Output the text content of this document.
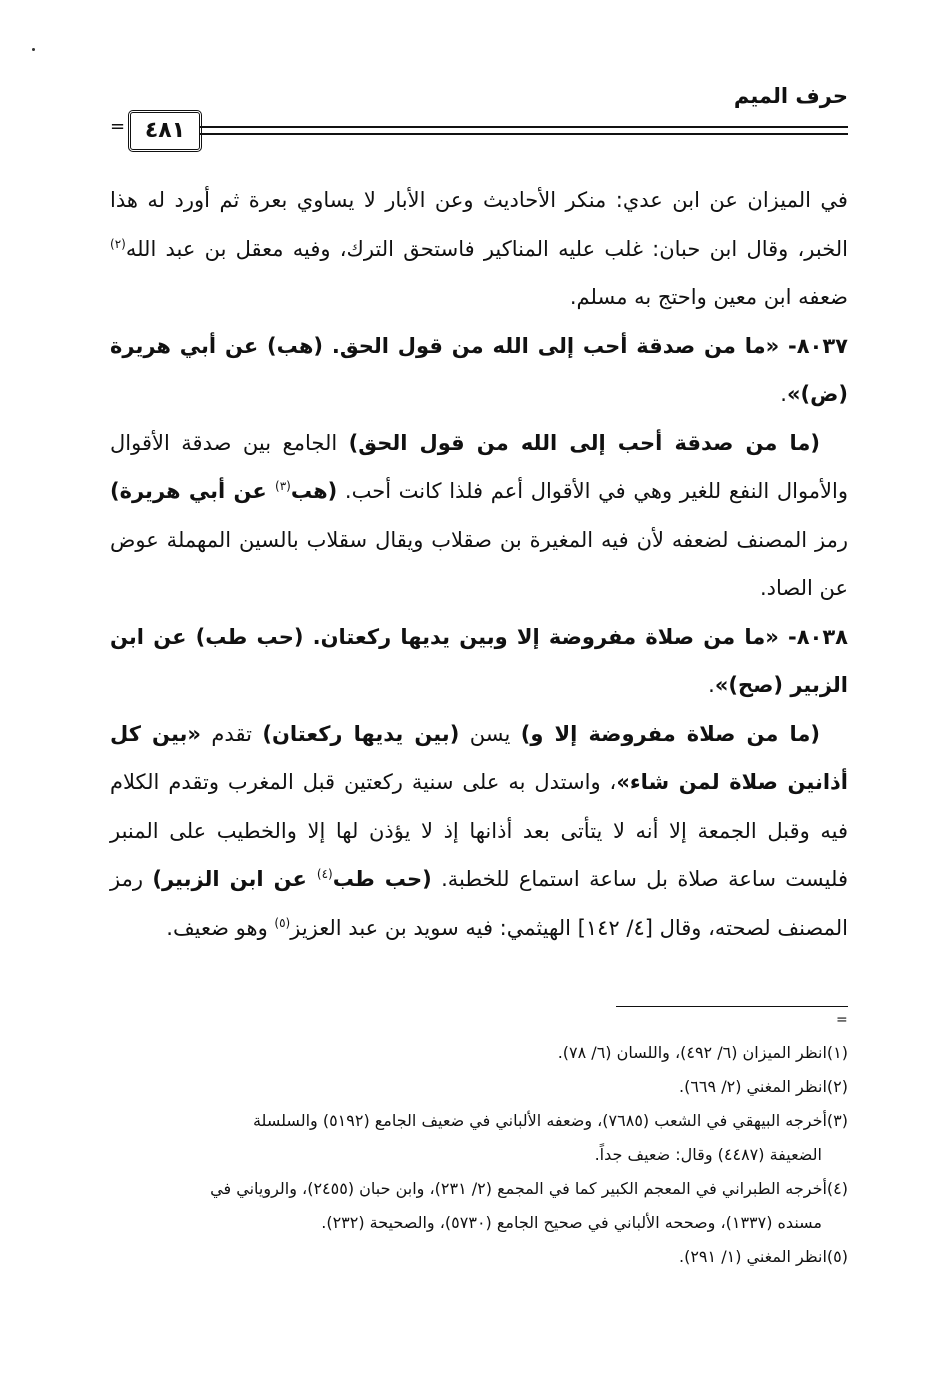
حرف الميم
٤٨١
=

في الميزان عن ابن عدي: منكر الأحاديث وعن الأبار لا يساوي بعرة ثم أورد له هذا الخبر، وقال ابن حبان: غلب عليه المناكير فاستحق الترك، وفيه معقل بن عبد الله$^{(٢)}$ ضعفه ابن معين واحتج به مسلم.

٨٠٣٧- «ما من صدقة أحب إلى الله من قول الحق. (هب) عن أبي هريرة (ض)».

(ما من صدقة أحب إلى الله من قول الحق) الجامع بين صدقة الأقوال والأموال النفع للغير وهي في الأقوال أعم فلذا كانت أحب. (هب$^{(٣)}$ عن أبي هريرة) رمز المصنف لضعفه لأن فيه المغيرة بن صقلاب ويقال سقلاب بالسين المهملة عوض عن الصاد.

٨٠٣٨- «ما من صلاة مفروضة إلا وبين يديها ركعتان. (حب طب) عن ابن الزبير (صح)».

(ما من صلاة مفروضة إلا و) يسن (بين يديها ركعتان) تقدم «بين كل أذانين صلاة لمن شاء»، واستدل به على سنية ركعتين قبل المغرب وتقدم الكلام فيه وقبل الجمعة إلا أنه لا يتأتى بعد أذانها إذ لا يؤذن لها إلا والخطيب على المنبر فليست ساعة صلاة بل ساعة استماع للخطبة. (حب طب$^{(٤)}$ عن ابن الزبير) رمز المصنف لصحته، وقال [٤/ ١٤٢] الهيثمي: فيه سويد بن عبد العزيز$^{(٥)}$ وهو ضعيف.

=

(١)انظر الميزان (٦/ ٤٩٢)، واللسان (٦/ ٧٨).

(٢)انظر المغني (٢/ ٦٦٩).

(٣)أخرجه البيهقي في الشعب (٧٦٨٥)، وضعفه الألباني في ضعيف الجامع (٥١٩٢) والسلسلة

الضعيفة (٤٤٨٧) وقال: ضعيف جداً.

(٤)أخرجه الطبراني في المعجم الكبير كما في المجمع (٢/ ٢٣١)، وابن حبان (٢٤٥٥)، والروياني في

مسنده (١٣٣٧)، وصححه الألباني في صحيح الجامع (٥٧٣٠)، والصحيحة (٢٣٢).

(٥)انظر المغني (١/ ٢٩١).
